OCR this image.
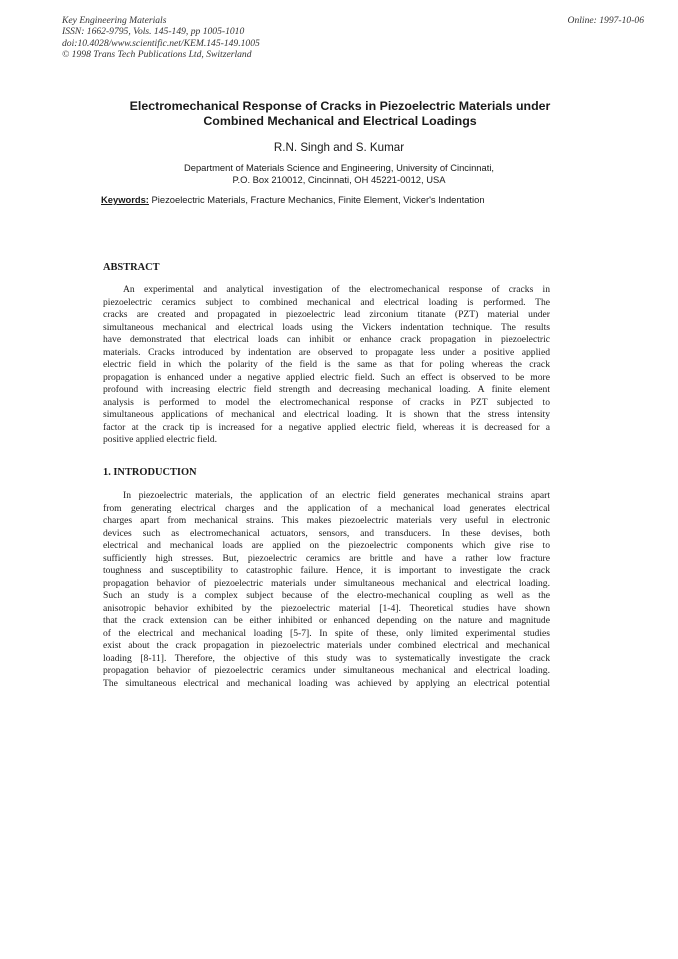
Key Engineering Materials
ISSN: 1662-9795, Vols. 145-149, pp 1005-1010
doi:10.4028/www.scientific.net/KEM.145-149.1005
© 1998 Trans Tech Publications Ltd, Switzerland
Online: 1997-10-06
Electromechanical Response of Cracks in Piezoelectric Materials under
Combined Mechanical and Electrical Loadings
R.N. Singh and S. Kumar
Department of Materials Science and Engineering, University of Cincinnati,
P.O. Box 210012, Cincinnati, OH 45221-0012, USA
Keywords: Piezoelectric Materials, Fracture Mechanics, Finite Element, Vicker's Indentation
ABSTRACT
An experimental and analytical investigation of the electromechanical response of cracks in
piezoelectric ceramics subject to combined mechanical and electrical loading is performed. The
cracks are created and propagated in piezoelectric lead zirconium titanate (PZT) material under
simultaneous mechanical and electrical loads using the Vickers indentation technique. The results
have demonstrated that electrical loads can inhibit or enhance crack propagation in piezoelectric
materials. Cracks introduced by indentation are observed to propagate less under a positive applied
electric field in which the polarity of the field is the same as that for poling whereas the crack
propagation is enhanced under a negative applied electric field. Such an effect is observed to be more
profound with increasing electric field strength and decreasing mechanical loading. A finite element
analysis is performed to model the electromechanical response of cracks in PZT subjected to
simultaneous applications of mechanical and electrical loading. It is shown that the stress intensity
factor at the crack tip is increased for a negative applied electric field, whereas it is decreased for a
positive applied electric field.
1. INTRODUCTION
In piezoelectric materials, the application of an electric field generates mechanical strains apart
from generating electrical charges and the application of a mechanical load generates electrical
charges apart from mechanical strains. This makes piezoelectric materials very useful in electronic
devices such as electromechanical actuators, sensors, and transducers. In these devises, both
electrical and mechanical loads are applied on the piezoelectric components which give rise to
sufficiently high stresses. But, piezoelectric ceramics are brittle and have a rather low fracture
toughness and susceptibility to catastrophic failure. Hence, it is important to investigate the crack
propagation behavior of piezoelectric materials under simultaneous mechanical and electrical loading.
Such an study is a complex subject because of the electro-mechanical coupling as well as the
anisotropic behavior exhibited by the piezoelectric material [1-4]. Theoretical studies have shown
that the crack extension can be either inhibited or enhanced depending on the nature and magnitude
of the electrical and mechanical loading [5-7]. In spite of these, only limited experimental studies
exist about the crack propagation in piezoelectric materials under combined electrical and mechanical
loading [8-11]. Therefore, the objective of this study was to systematically investigate the crack
propagation behavior of piezoelectric ceramics under simultaneous mechanical and electrical loading.
The simultaneous electrical and mechanical loading was achieved by applying an electrical potential
